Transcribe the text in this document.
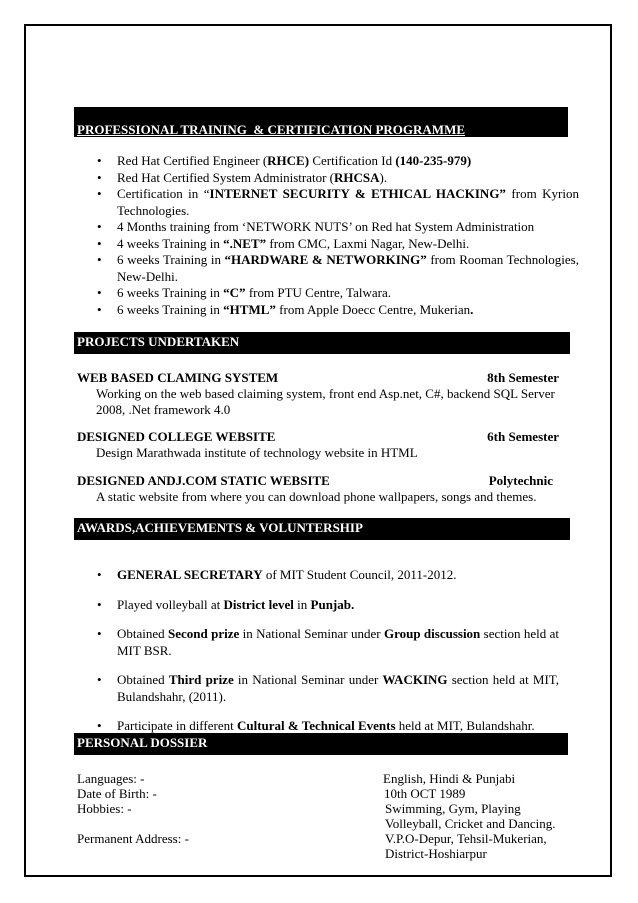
PROFESSIONAL TRAINING  & CERTIFICATION PROGRAMME
• Red Hat Certified Engineer (RHCE) Certification Id (140-235-979)
• Red Hat Certified System Administrator (RHCSA).
• Certification in “INTERNET SECURITY & ETHICAL HACKING” from Kyrion Technologies.
• 4 Months training from ‘NETWORK NUTS’ on Red hat System Administration
• 4 weeks Training in “.NET” from CMC, Laxmi Nagar, New-Delhi.
• 6 weeks Training in “HARDWARE & NETWORKING” from Rooman Technologies, New-Delhi.
• 6 weeks Training in “C” from PTU Centre, Talwara.
• 6 weeks Training in “HTML” from Apple Doecc Centre, Mukerian.
PROJECTS UNDERTAKEN
WEB BASED CLAMING SYSTEM	8th Semester
Working on the web based claiming system, front end Asp.net, C#, backend SQL Server 2008, .Net framework 4.0
DESIGNED COLLEGE WEBSITE	6th Semester
Design Marathwada institute of technology website in HTML
DESIGNED ANDJ.COM STATIC WEBSITE	Polytechnic
A static website from where you can download phone wallpapers, songs and themes.
AWARDS,ACHIEVEMENTS & VOLUNTERSHIP
• GENERAL SECRETARY of MIT Student Council, 2011-2012.
• Played volleyball at District level in Punjab.
• Obtained Second prize in National Seminar under Group discussion section held at MIT BSR.
• Obtained Third prize in National Seminar under WACKING section held at MIT, Bulandshahr, (2011).
• Participate in different Cultural & Technical Events held at MIT, Bulandshahr.
PERSONAL DOSSIER
Languages: -	English, Hindi & Punjabi
Date of Birth: -	10th OCT 1989
Hobbies: -	Swimming, Gym, Playing
Volleyball, Cricket and Dancing.
Permanent Address: -	V.P.O-Depur, Tehsil-Mukerian,
District-Hoshiarpur
